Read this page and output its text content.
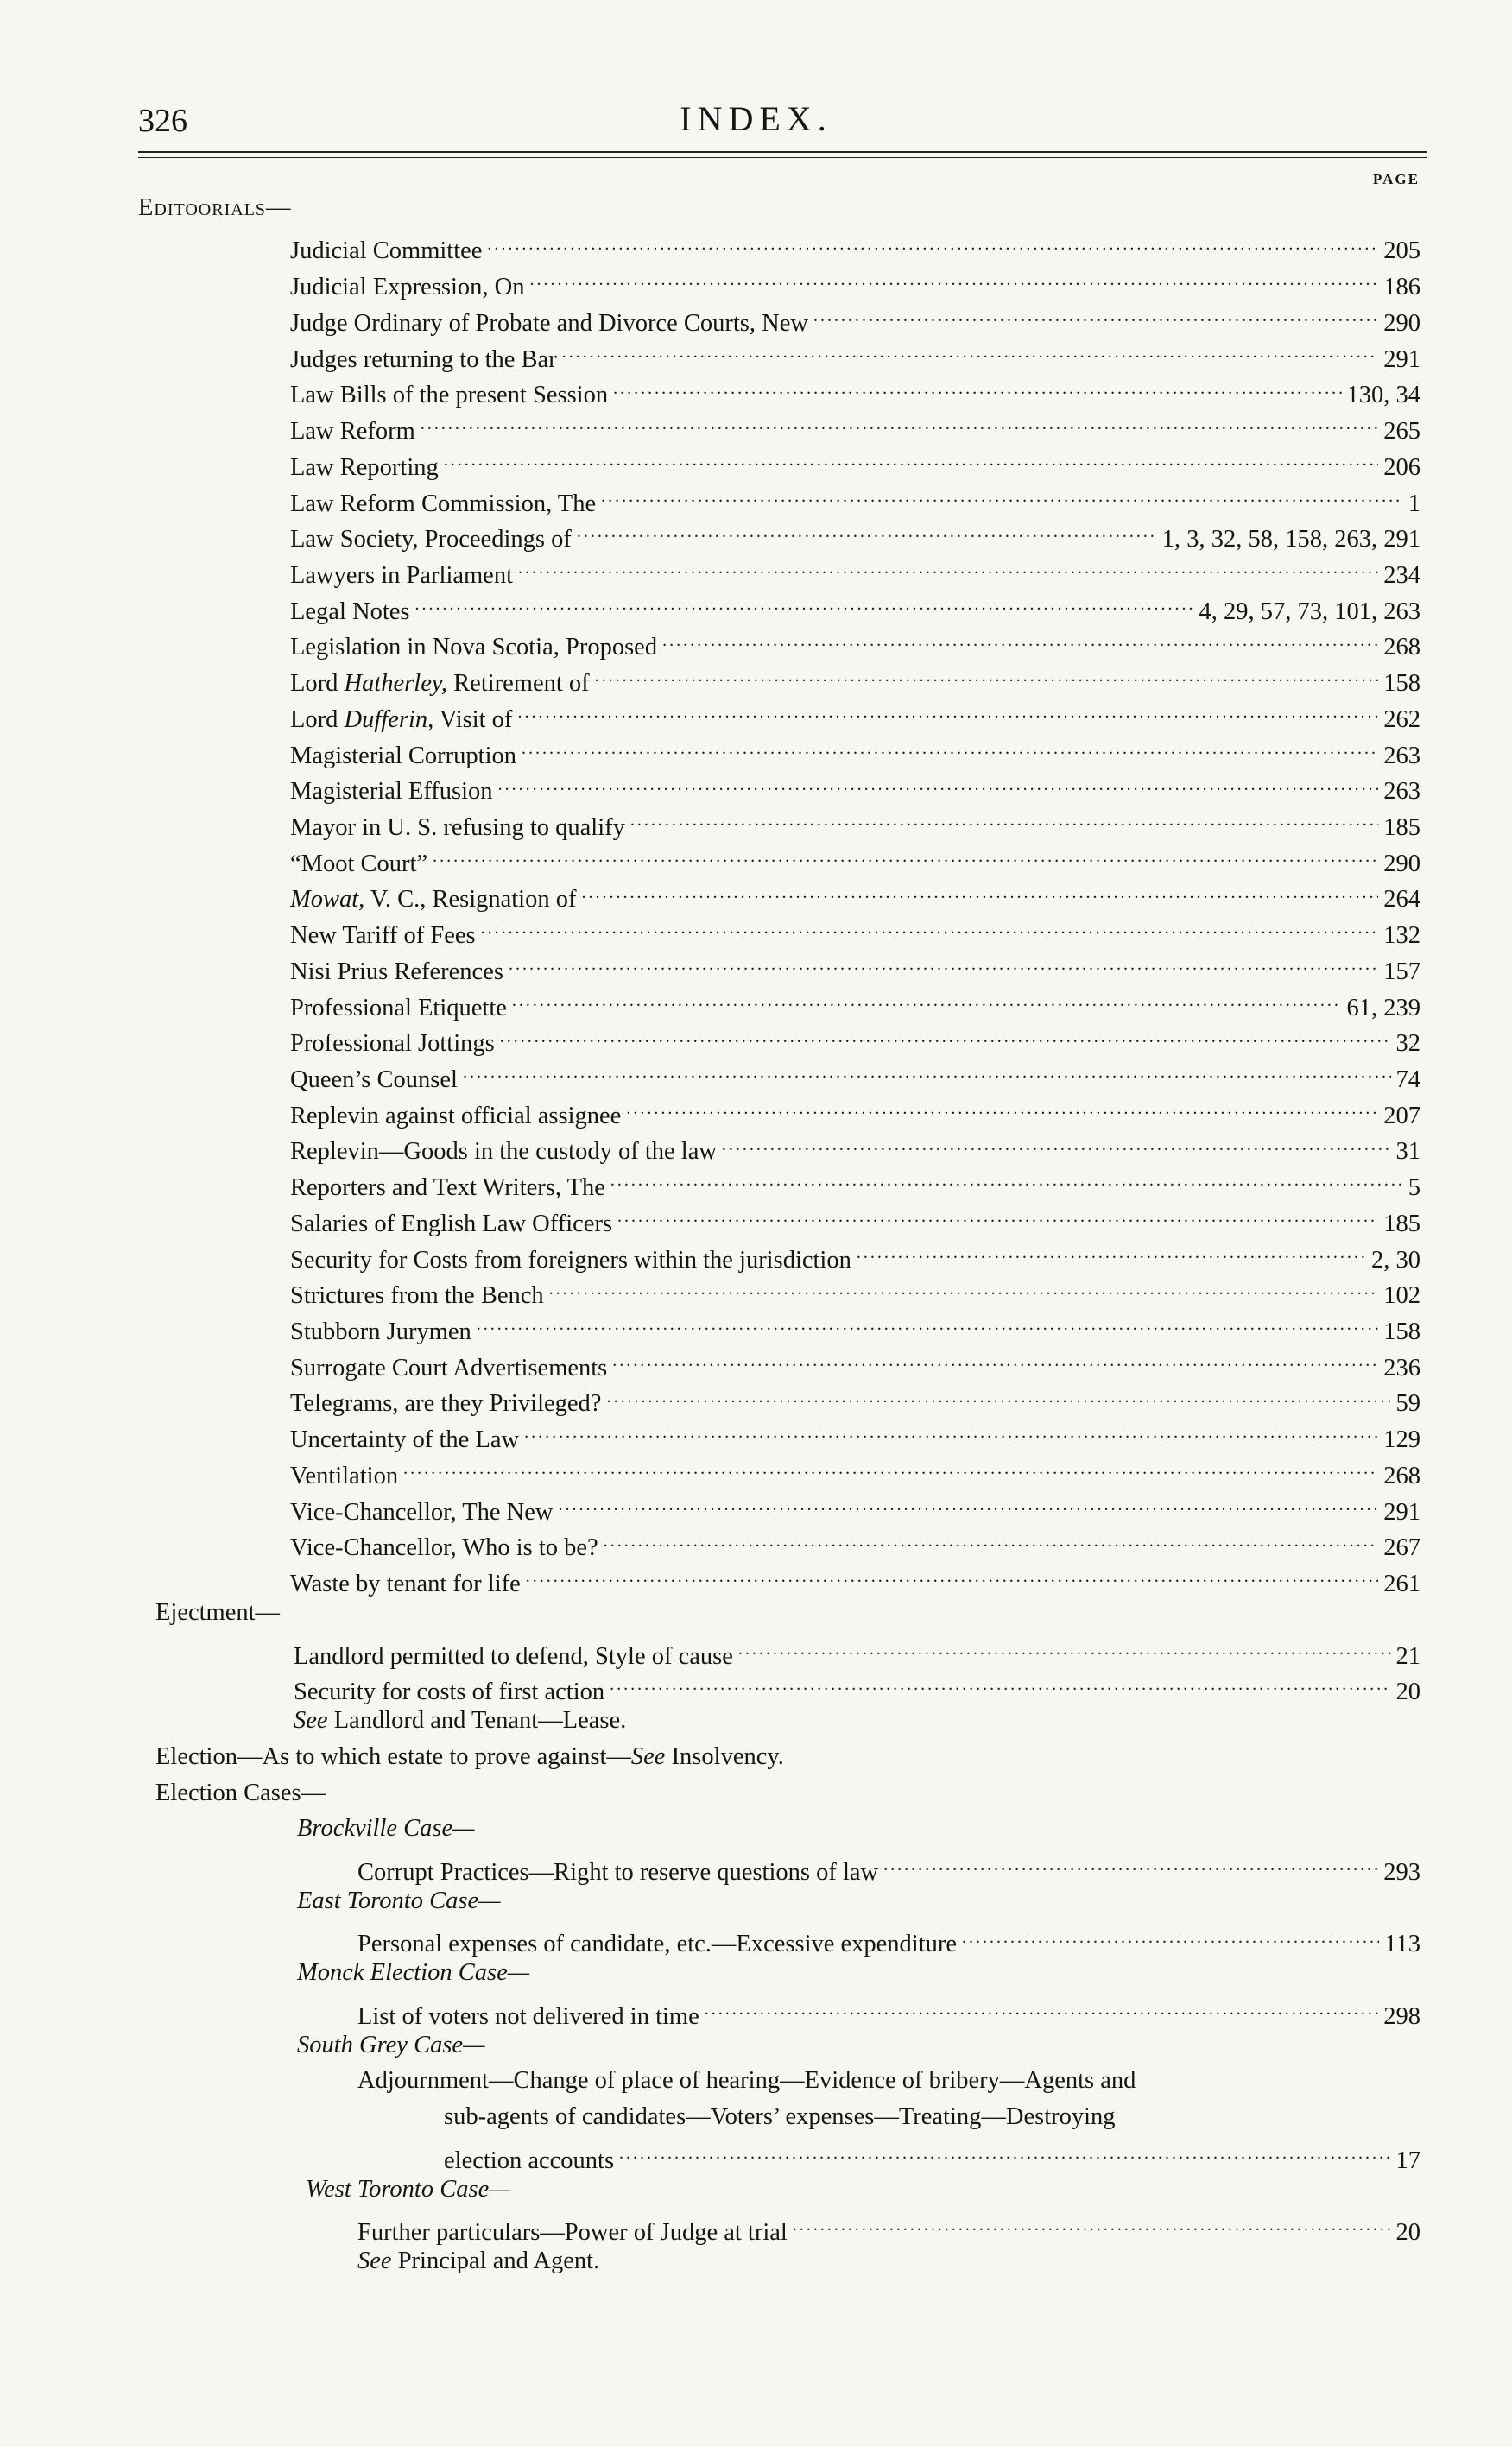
326	INDEX.
PAGE
Editoorials—
Judicial Committee . . .	205
Judicial Expression, On . . .	186
Judge Ordinary of Probate and Divorce Courts, New . . .	290
Judges returning to the Bar . . .	291
Law Bills of the present Session . . .	130, 34
Law Reform . . .	265
Law Reporting . . .	206
Law Reform Commission, The . . .	1
Law Society, Proceedings of . . .	1, 3, 32, 58, 158, 263, 291
Lawyers in Parliament . . .	234
Legal Notes . . .	4, 29, 57, 73, 101, 263
Legislation in Nova Scotia, Proposed . . .	268
Lord Hatherley, Retirement of . . .	158
Lord Dufferin, Visit of . . .	262
Magisterial Corruption . . .	263
Magisterial Effusion . . .	263
Mayor in U. S. refusing to qualify . . .	185
“Moot Court” . . .	290
Mowat, V. C., Resignation of . . .	264
New Tariff of Fees . . .	132
Nisi Prius References . . .	157
Professional Etiquette . . .	61, 239
Professional Jottings . . .	32
Queen’s Counsel . . .	74
Replevin against official assignee . . .	207
Replevin—Goods in the custody of the law . . .	31
Reporters and Text Writers, The . . .	5
Salaries of English Law Officers . . .	185
Security for Costs from foreigners within the jurisdiction . . .	2, 30
Strictures from the Bench . . .	102
Stubborn Jurymen . . .	158
Surrogate Court Advertisements . . .	236
Telegrams, are they Privileged? . . .	59
Uncertainty of the Law . . .	129
Ventilation . . .	268
Vice-Chancellor, The New . . .	291
Vice-Chancellor, Who is to be? . . .	267
Waste by tenant for life . . .	261
Ejectment—
Landlord permitted to defend, Style of cause . . .	21
Security for costs of first action . . .	20
See Landlord and Tenant—Lease.
Election—As to which estate to prove against—See Insolvency.
Election Cases—
Brockville Case—
Corrupt Practices—Right to reserve questions of law . . .	293
East Toronto Case—
Personal expenses of candidate, etc.—Excessive expenditure . . .	113
Monck Election Case—
List of voters not delivered in time . . .	298
South Grey Case—
Adjournment—Change of place of hearing—Evidence of bribery—Agents and
sub-agents of candidates—Voters’ expenses—Treating—Destroying
election accounts . . .	17
West Toronto Case—
Further particulars—Power of Judge at trial . . .	20
See Principal and Agent.
